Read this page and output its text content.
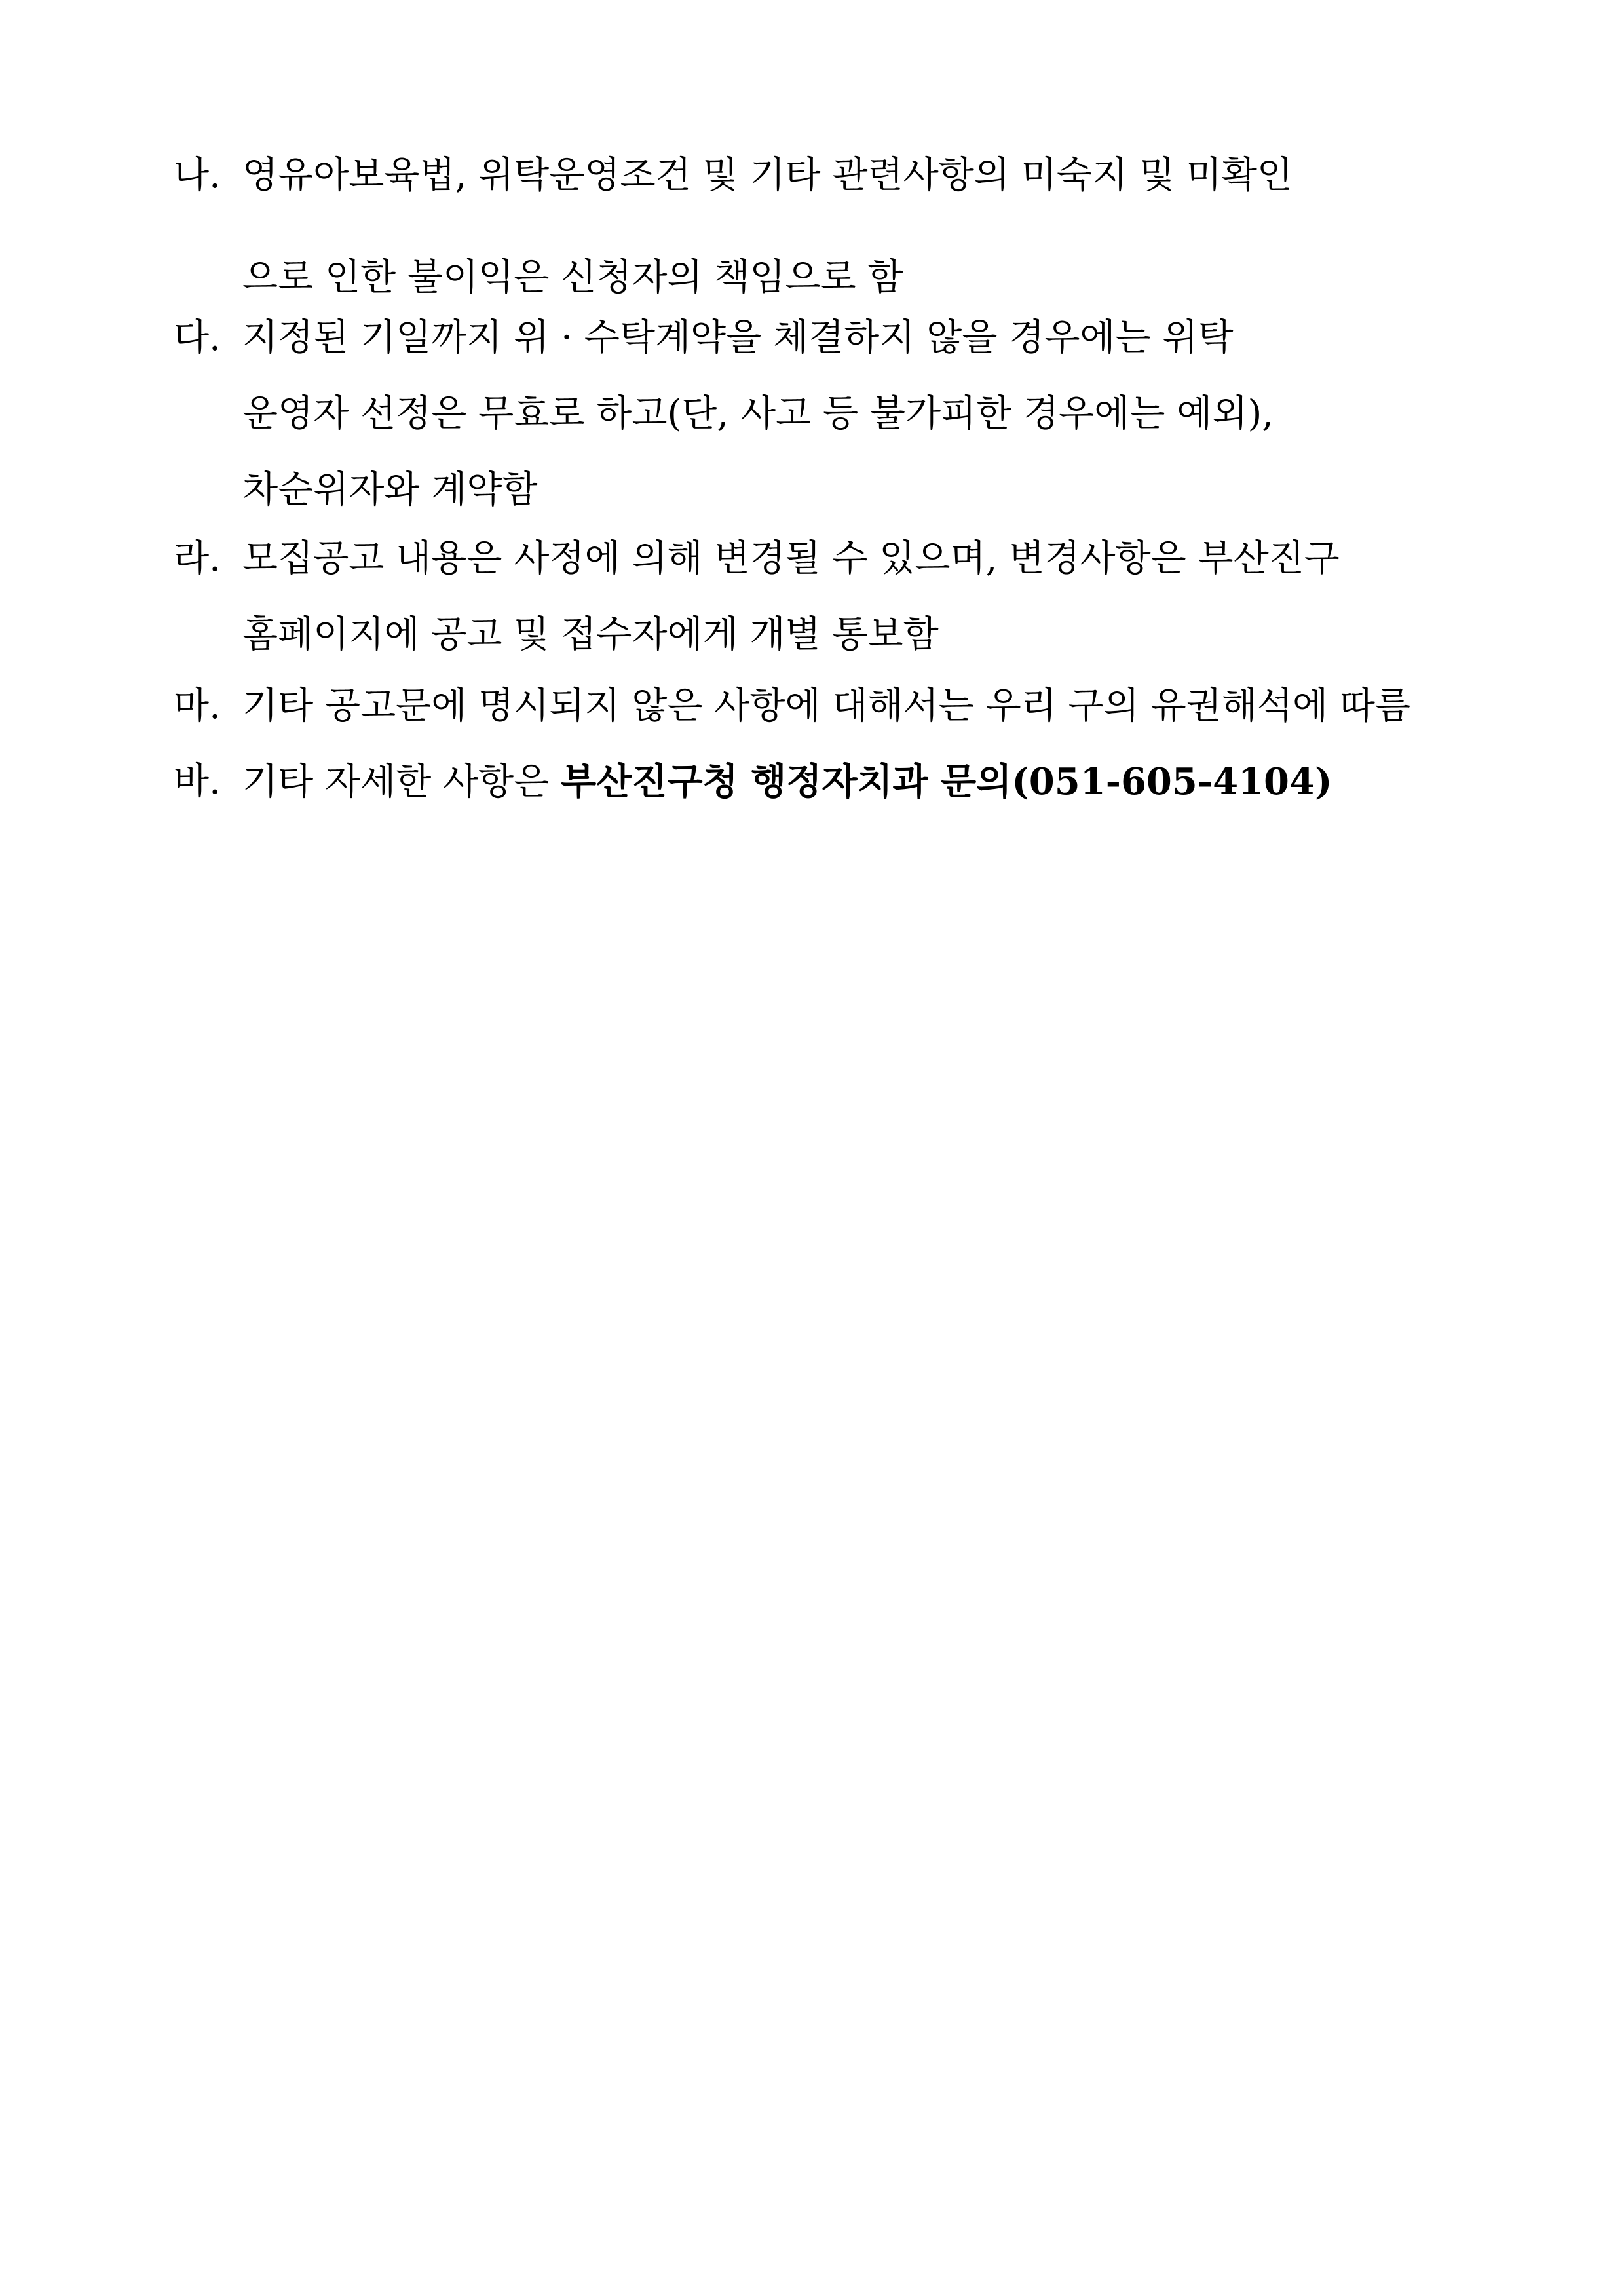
나. 영유아보육법, 위탁운영조건 및 기타 관련사항의 미숙지 및 미확인
으로 인한 불이익은 신청자의 책임으로 함
다. 지정된 기일까지 위 · 수탁계약을 체결하지 않을 경우에는 위탁
운영자 선정은 무효로 하고(단, 사고 등 불가피한 경우에는 예외),
차순위자와 계약함
라. 모집공고 내용은 사정에 의해 변경될 수 있으며, 변경사항은 부산진구
홈페이지에 공고 및 접수자에게 개별 통보함
마. 기타 공고문에 명시되지 않은 사항에 대해서는 우리 구의 유권해석에 따름
바. 기타 자세한 사항은 부산진구청 행정자치과 문의(051-605-4104)
